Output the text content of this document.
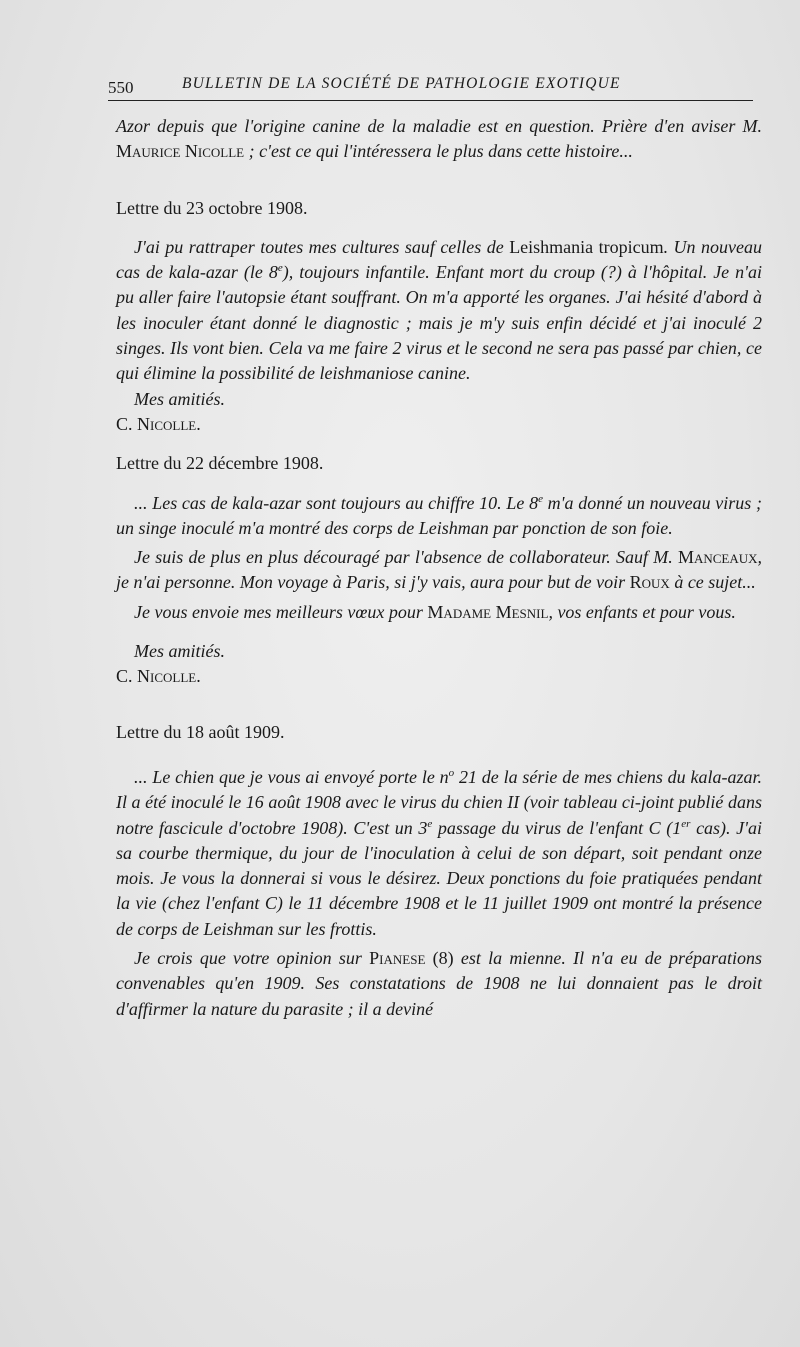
550	BULLETIN DE LA SOCIÉTÉ DE PATHOLOGIE EXOTIQUE

Azor depuis que l'origine canine de la maladie est en question. Prière d'en aviser M. Maurice Nicolle ; c'est ce qui l'intéressera le plus dans cette histoire...

Lettre du 23 octobre 1908.

J'ai pu rattraper toutes mes cultures sauf celles de Leishmania tropicum. Un nouveau cas de kala-azar (le 8e), toujours infantile. Enfant mort du croup (?) à l'hôpital. Je n'ai pu aller faire l'autopsie étant souffrant. On m'a apporté les organes. J'ai hésité d'abord à les inoculer étant donné le diagnostic ; mais je m'y suis enfin décidé et j'ai inoculé 2 singes. Ils vont bien. Cela va me faire 2 virus et le second ne sera pas passé par chien, ce qui élimine la possibilité de leishmaniose canine.

Mes amitiés.

C. Nicolle.

Lettre du 22 décembre 1908.

... Les cas de kala-azar sont toujours au chiffre 10. Le 8e m'a donné un nouveau virus ; un singe inoculé m'a montré des corps de Leishman par ponction de son foie.

Je suis de plus en plus découragé par l'absence de collaborateur. Sauf M. Manceaux, je n'ai personne. Mon voyage à Paris, si j'y vais, aura pour but de voir Roux à ce sujet...

Je vous envoie mes meilleurs vœux pour Madame Mesnil, vos enfants et pour vous.

Mes amitiés.

C. Nicolle.

Lettre du 18 août 1909.

... Le chien que je vous ai envoyé porte le $n^o$ 21 de la série de mes chiens du kala-azar. Il a été inoculé le 16 août 1908 avec le virus du chien II (voir tableau ci-joint publié dans notre fascicule d'octobre 1908). C'est un 3e passage du virus de l'enfant C (1er cas). J'ai sa courbe thermique, du jour de l'inoculation à celui de son départ, soit pendant onze mois. Je vous la donnerai si vous le désirez. Deux ponctions du foie pratiquées pendant la vie (chez l'enfant C) le 11 décembre 1908 et le 11 juillet 1909 ont montré la présence de corps de Leishman sur les frottis.

Je crois que votre opinion sur Pianese (8) est la mienne. Il n'a eu de préparations convenables qu'en 1909. Ses constatations de 1908 ne lui donnaient pas le droit d'affirmer la nature du parasite ; il a deviné
